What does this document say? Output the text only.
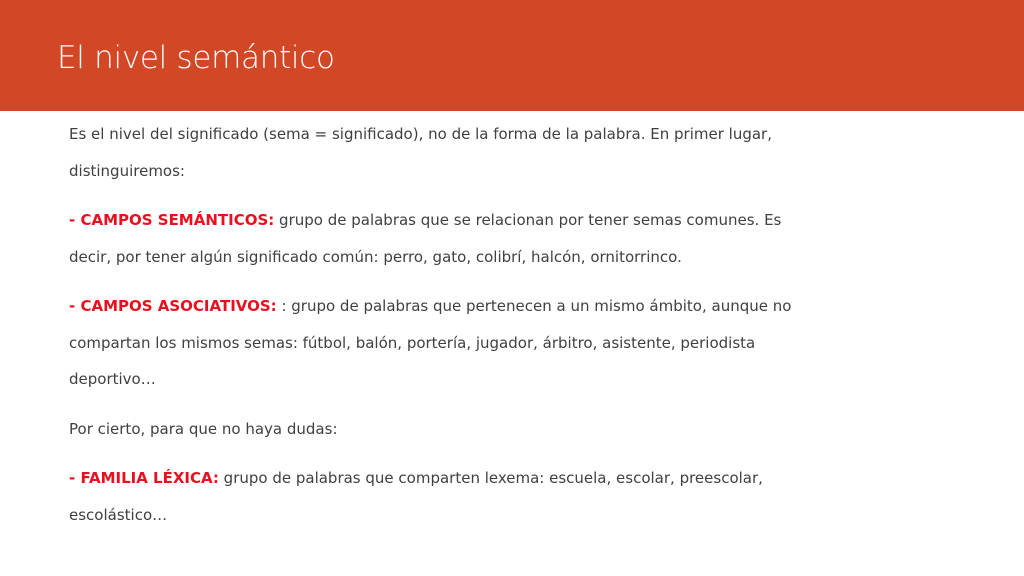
El nivel semántico

Es el nivel del significado (sema = significado), no de la forma de la palabra. En primer lugar, distinguiremos:

- CAMPOS SEMÁNTICOS: grupo de palabras que se relacionan por tener semas comunes. Es decir, por tener algún significado común: perro, gato, colibrí, halcón, ornitorrinco.

- CAMPOS ASOCIATIVOS: : grupo de palabras que pertenecen a un mismo ámbito, aunque no compartan los mismos semas: fútbol, balón, portería, jugador, árbitro, asistente, periodista deportivo…

Por cierto, para que no haya dudas:

- FAMILIA LÉXICA: grupo de palabras que comparten lexema: escuela, escolar, preescolar, escolástico…
